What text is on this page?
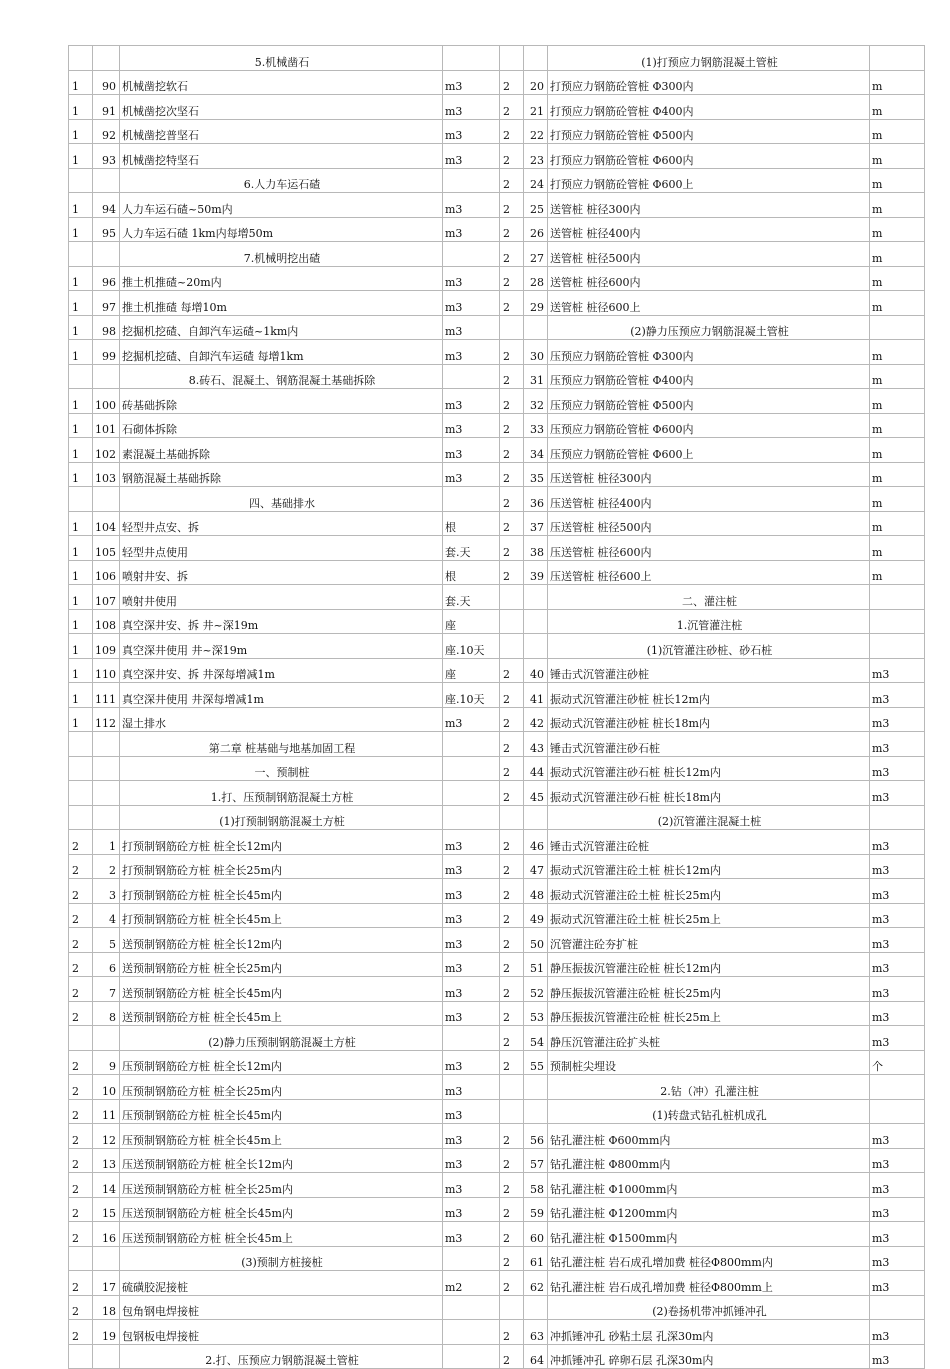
		5.机械凿石				(1)打预应力钢筋混凝土管桩	
1	90	机械凿挖软石	m3	2	20	打预应力钢筋砼管桩 Φ300内	m
1	91	机械凿挖次坚石	m3	2	21	打预应力钢筋砼管桩 Φ400内	m
1	92	机械凿挖普坚石	m3	2	22	打预应力钢筋砼管桩 Φ500内	m
1	93	机械凿挖特坚石	m3	2	23	打预应力钢筋砼管桩 Φ600内	m
		6.人力车运石碴		2	24	打预应力钢筋砼管桩 Φ600上	m
1	94	人力车运石碴~50m内	m3	2	25	送管桩 桩径300内	m
1	95	人力车运石碴 1km内每增50m	m3	2	26	送管桩 桩径400内	m
		7.机械明挖出碴		2	27	送管桩 桩径500内	m
1	96	推土机推碴~20m内	m3	2	28	送管桩 桩径600内	m
1	97	推土机推碴 每增10m	m3	2	29	送管桩 桩径600上	m
1	98	挖掘机挖碴、自卸汽车运碴~1km内	m3			(2)静力压预应力钢筋混凝土管桩	
1	99	挖掘机挖碴、自卸汽车运碴 每增1km	m3	2	30	压预应力钢筋砼管桩 Φ300内	m
		8.砖石、混凝土、钢筋混凝土基础拆除		2	31	压预应力钢筋砼管桩 Φ400内	m
1	100	砖基础拆除	m3	2	32	压预应力钢筋砼管桩 Φ500内	m
1	101	石砌体拆除	m3	2	33	压预应力钢筋砼管桩 Φ600内	m
1	102	素混凝土基础拆除	m3	2	34	压预应力钢筋砼管桩 Φ600上	m
1	103	钢筋混凝土基础拆除	m3	2	35	压送管桩 桩径300内	m
		四、基础排水		2	36	压送管桩 桩径400内	m
1	104	轻型井点安、拆	根	2	37	压送管桩 桩径500内	m
1	105	轻型井点使用	套.天	2	38	压送管桩 桩径600内	m
1	106	喷射井安、拆	根	2	39	压送管桩 桩径600上	m
1	107	喷射井使用	套.天			二、灌注桩	
1	108	真空深井安、拆 井~深19m	座			1.沉管灌注桩	
1	109	真空深井使用 井~深19m	座.10天			(1)沉管灌注砂桩、砂石桩	
1	110	真空深井安、拆 井深每增减1m	座	2	40	锤击式沉管灌注砂桩	m3
1	111	真空深井使用 井深每增减1m	座.10天	2	41	振动式沉管灌注砂桩 桩长12m内	m3
1	112	湿土排水	m3	2	42	振动式沉管灌注砂桩 桩长18m内	m3
		第二章 桩基础与地基加固工程		2	43	锤击式沉管灌注砂石桩	m3
		一、预制桩		2	44	振动式沉管灌注砂石桩 桩长12m内	m3
		1.打、压预制钢筋混凝土方桩		2	45	振动式沉管灌注砂石桩 桩长18m内	m3
		(1)打预制钢筋混凝土方桩				(2)沉管灌注混凝土桩	
2	1	打预制钢筋砼方桩 桩全长12m内	m3	2	46	锤击式沉管灌注砼桩	m3
2	2	打预制钢筋砼方桩 桩全长25m内	m3	2	47	振动式沉管灌注砼土桩 桩长12m内	m3
2	3	打预制钢筋砼方桩 桩全长45m内	m3	2	48	振动式沉管灌注砼土桩 桩长25m内	m3
2	4	打预制钢筋砼方桩 桩全长45m上	m3	2	49	振动式沉管灌注砼土桩 桩长25m上	m3
2	5	送预制钢筋砼方桩 桩全长12m内	m3	2	50	沉管灌注砼夯扩桩	m3
2	6	送预制钢筋砼方桩 桩全长25m内	m3	2	51	静压振拔沉管灌注砼桩 桩长12m内	m3
2	7	送预制钢筋砼方桩 桩全长45m内	m3	2	52	静压振拔沉管灌注砼桩 桩长25m内	m3
2	8	送预制钢筋砼方桩 桩全长45m上	m3	2	53	静压振拔沉管灌注砼桩 桩长25m上	m3
		(2)静力压预制钢筋混凝土方桩		2	54	静压沉管灌注砼扩头桩	m3
2	9	压预制钢筋砼方桩 桩全长12m内	m3	2	55	预制桩尖埋设	个
2	10	压预制钢筋砼方桩 桩全长25m内	m3			2.钻（冲）孔灌注桩	
2	11	压预制钢筋砼方桩 桩全长45m内	m3			(1)转盘式钻孔桩机成孔	
2	12	压预制钢筋砼方桩 桩全长45m上	m3	2	56	钻孔灌注桩 Φ600mm内	m3
2	13	压送预制钢筋砼方桩 桩全长12m内	m3	2	57	钻孔灌注桩 Φ800mm内	m3
2	14	压送预制钢筋砼方桩 桩全长25m内	m3	2	58	钻孔灌注桩 Φ1000mm内	m3
2	15	压送预制钢筋砼方桩 桩全长45m内	m3	2	59	钻孔灌注桩 Φ1200mm内	m3
2	16	压送预制钢筋砼方桩 桩全长45m上	m3	2	60	钻孔灌注桩 Φ1500mm内	m3
		(3)预制方桩接桩		2	61	钻孔灌注桩 岩石成孔增加费 桩径Φ800mm内	m3
2	17	硫磺胶泥接桩	m2	2	62	钻孔灌注桩 岩石成孔增加费 桩径Φ800mm上	m3
2	18	包角钢电焊接桩				(2)卷扬机带冲抓锤冲孔	
2	19	包钢板电焊接桩		2	63	冲抓锤冲孔 砂粘土层 孔深30m内	m3
		2.打、压预应力钢筋混凝土管桩		2	64	冲抓锤冲孔 碎卵石层 孔深30m内	m3
